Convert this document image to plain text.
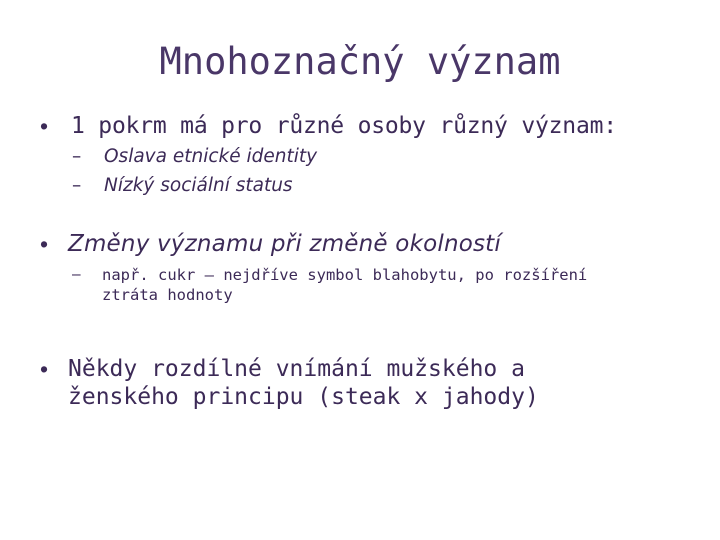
Mnohoznačný význam
• 1 pokrm má pro různé osoby různý význam:
– Oslava etnické identity
– Nízký sociální status
• Změny významu při změně okolností
– např. cukr – nejdříve symbol blahobytu, po rozšíření ztráta hodnoty
• Někdy rozdílné vnímání mužského a ženského principu (steak x jahody)
